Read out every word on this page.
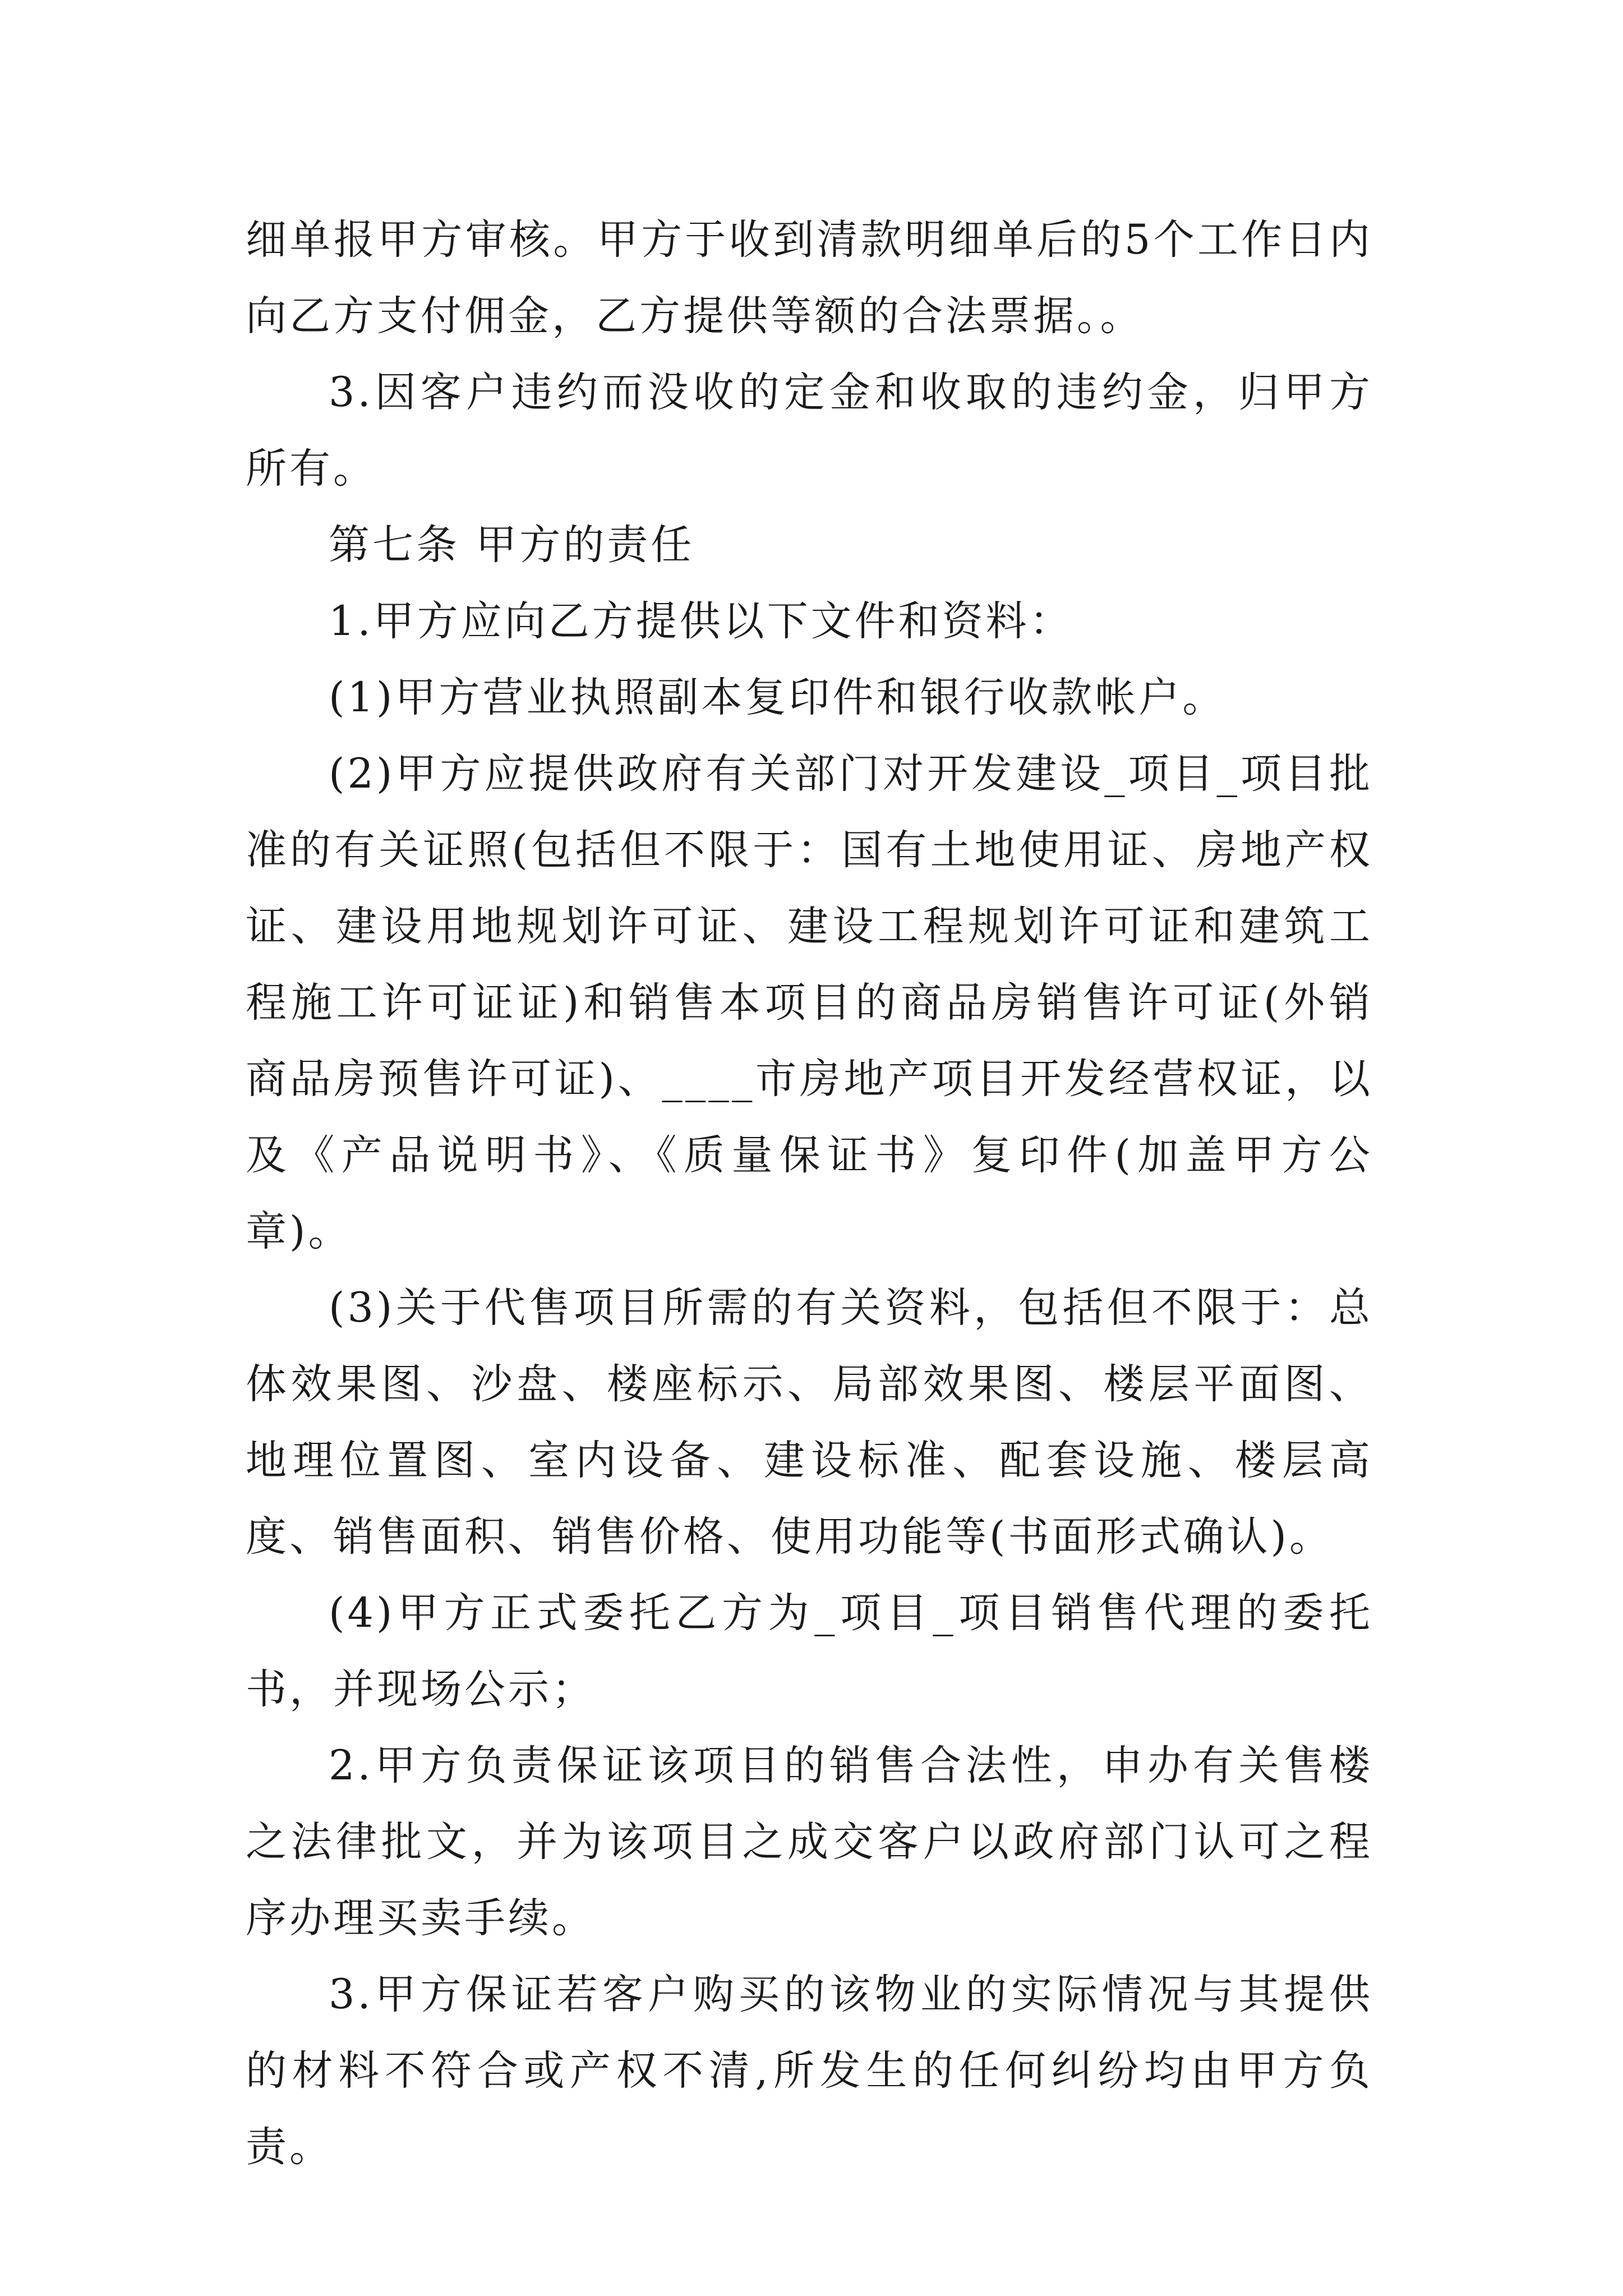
细单报甲方审核。甲方于收到清款明细单后的5个工作日内向乙方支付佣金，乙方提供等额的合法票据。。

3.因客户违约而没收的定金和收取的违约金，归甲方所有。

第七条 甲方的责任

1.甲方应向乙方提供以下文件和资料：

(1)甲方营业执照副本复印件和银行收款帐户。

(2)甲方应提供政府有关部门对开发建设_项目_项目批准的有关证照(包括但不限于：国有土地使用证、房地产权证、建设用地规划许可证、建设工程规划许可证和建筑工程施工许可证证)和销售本项目的商品房销售许可证(外销商品房预售许可证)、____市房地产项目开发经营权证，以及《产品说明书》、《质量保证书》复印件(加盖甲方公章)。

(3)关于代售项目所需的有关资料，包括但不限于：总体效果图、沙盘、楼座标示、局部效果图、楼层平面图、地理位置图、室内设备、建设标准、配套设施、楼层高度、销售面积、销售价格、使用功能等(书面形式确认)。

(4)甲方正式委托乙方为_项目_项目销售代理的委托书，并现场公示；

2.甲方负责保证该项目的销售合法性，申办有关售楼之法律批文，并为该项目之成交客户以政府部门认可之程序办理买卖手续。

3.甲方保证若客户购买的该物业的实际情况与其提供的材料不符合或产权不清,所发生的任何纠纷均由甲方负责。
